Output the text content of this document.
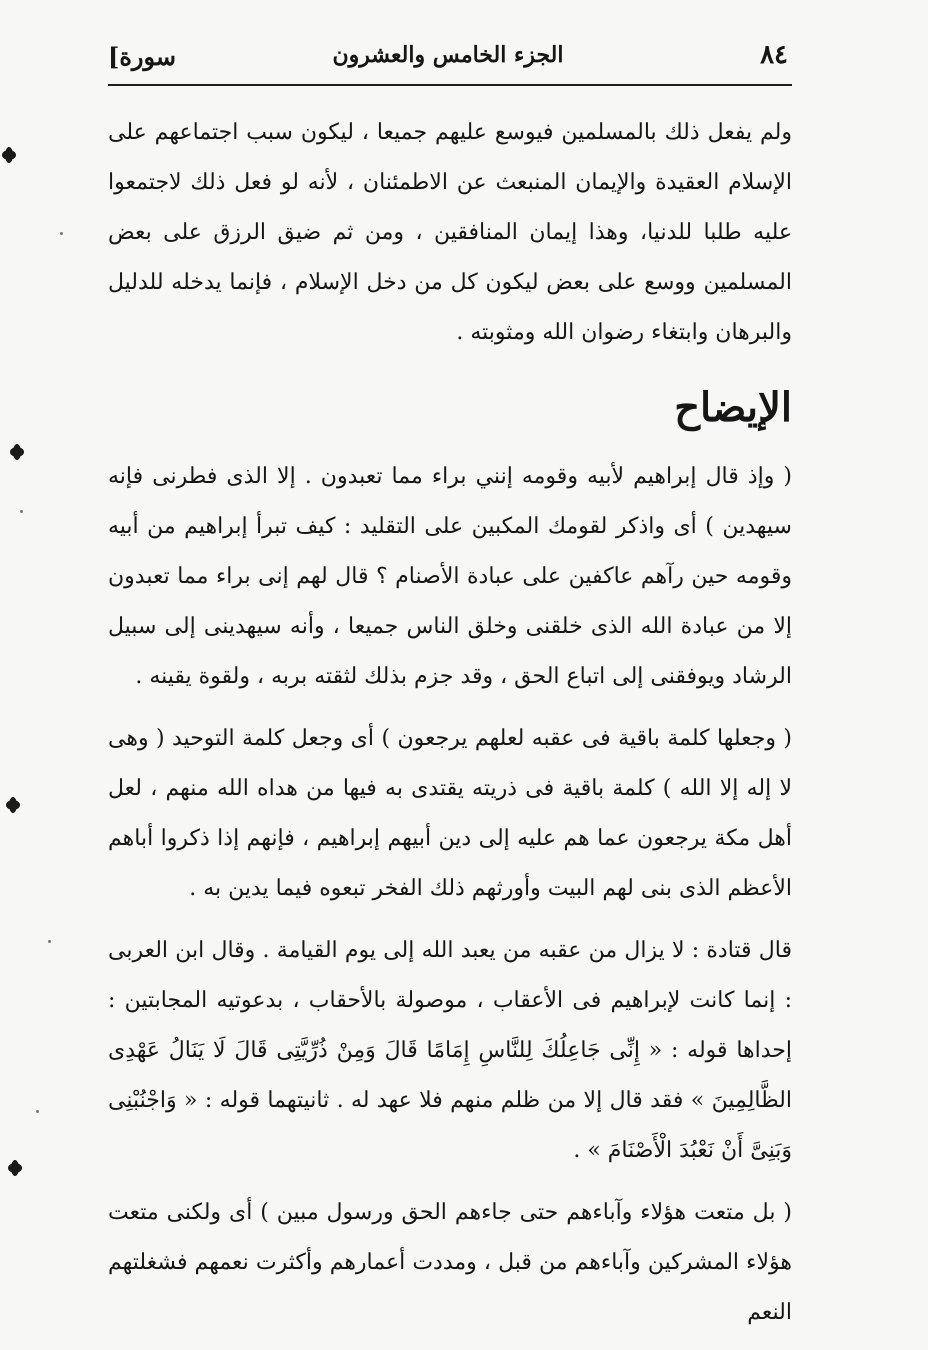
٨٤
الجزء الخامس والعشرون
[سورة

ولم يفعل ذلك بالمسلمين فيوسع عليهم جميعا ، ليكون سبب اجتماعهم على الإسلام العقيدة والإيمان المنبعث عن الاطمئنان ، لأنه لو فعل ذلك لاجتمعوا عليه طلبا للدنيا، وهذا إيمان المنافقين ، ومن ثم ضيق الرزق على بعض المسلمين ووسع على بعض ليكون كل من دخل الإسلام ، فإنما يدخله للدليل والبرهان وابتغاء رضوان الله ومثوبته .

الإيضاح

( وإذ قال إبراهيم لأبيه وقومه إنني براء مما تعبدون . إلا الذى فطرنى فإنه سيهدين ) أى واذكر لقومك المكبين على التقليد : كيف تبرأ إبراهيم من أبيه وقومه حين رآهم عاكفين على عبادة الأصنام ؟ قال لهم إنى براء مما تعبدون إلا من عبادة الله الذى خلقنى وخلق الناس جميعا ، وأنه سيهدينى إلى سبيل الرشاد ويوفقنى إلى اتباع الحق ، وقد جزم بذلك لثقته بربه ، ولقوة يقينه .

( وجعلها كلمة باقية فى عقبه لعلهم يرجعون ) أى وجعل كلمة التوحيد ( وهى لا إله إلا الله ) كلمة باقية فى ذريته يقتدى به فيها من هداه الله منهم ، لعل أهل مكة يرجعون عما هم عليه إلى دين أبيهم إبراهيم ، فإنهم إذا ذكروا أباهم الأعظم الذى بنى لهم البيت وأورثهم ذلك الفخر تبعوه فيما يدين به .

قال قتادة : لا يزال من عقبه من يعبد الله إلى يوم القيامة . وقال ابن العربى : إنما كانت لإبراهيم فى الأعقاب ، موصولة بالأحقاب ، بدعوتيه المجابتين : إحداها قوله : « إِنِّى جَاعِلُكَ لِلنَّاسِ إِمَامًا قَالَ وَمِنْ ذُرِّيَّتِى قَالَ لَا يَنَالُ عَهْدِى الظَّالِمِينَ » فقد قال إلا من ظلم منهم فلا عهد له . ثانيتهما قوله : « وَاجْنُبْنِى وَبَنِىَّ أَنْ نَعْبُدَ الْأَصْنَامَ » .

( بل متعت هؤلاء وآباءهم حتى جاءهم الحق ورسول مبين ) أى ولكنى متعت هؤلاء المشركين وآباءهم من قبل ، ومددت أعمارهم وأكثرت نعمهم فشغلتهم النعم
